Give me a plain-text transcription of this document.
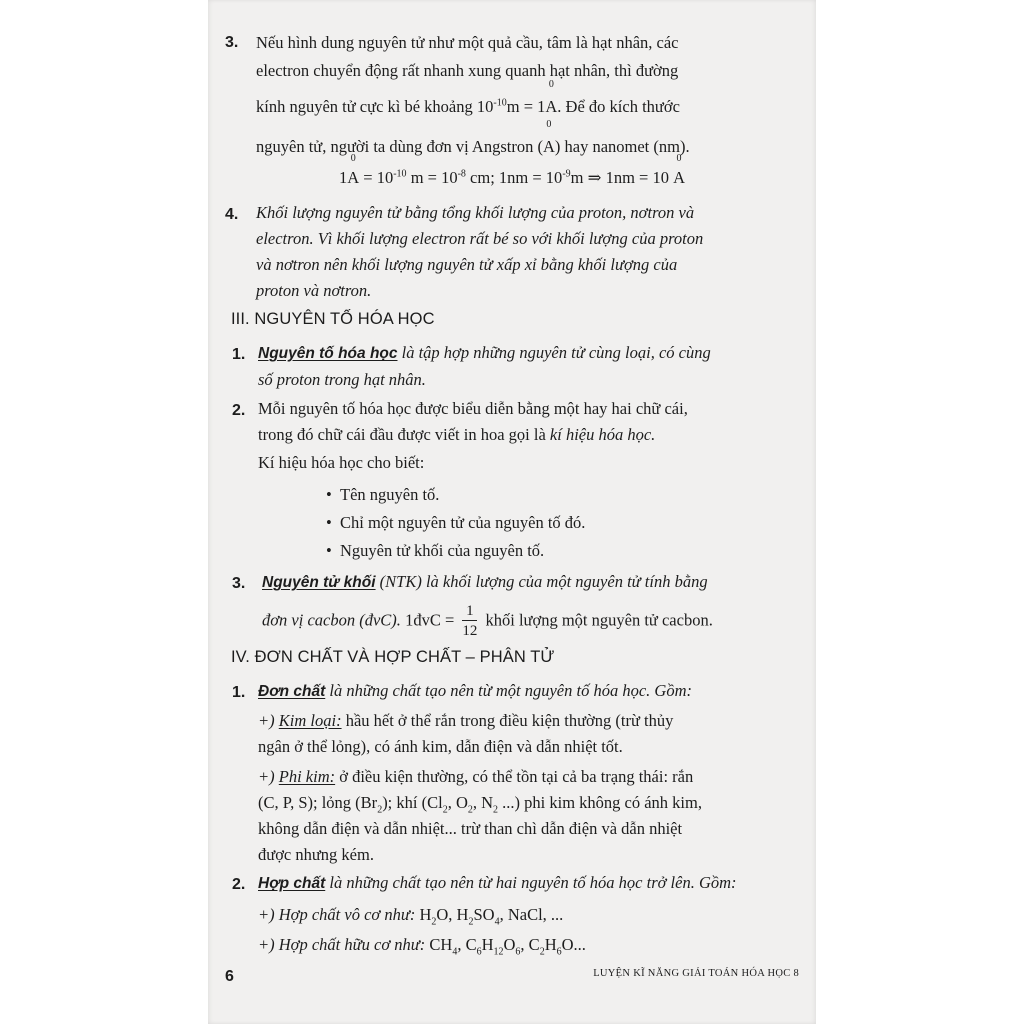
3. Nếu hình dung nguyên tử như một quả cầu, tâm là hạt nhân, các
electron chuyển động rất nhanh xung quanh hạt nhân, thì đường
kính nguyên tử cực kì bé khoảng $10^{-10}m = 1$
0
A. Để đo kích thước
nguyên tử, người ta dùng đơn vị Angstron (
0
A) hay nanomet (nm).
1
0
$A = 10^{-10}$ $m = 10^{-8}$ cm; $1nm = 10^{-9}m$ ⇒ 1nm = 10
0
A
4. Khối lượng nguyên tử bằng tổng khối lượng của proton, nơtron và
electron. Vì khối lượng electron rất bé so với khối lượng của proton
và nơtron nên khối lượng nguyên tử xấp xỉ bằng khối lượng của
proton và nơtron.
III. NGUYÊN TỐ HÓA HỌC
1. Nguyên tố hóa học là tập hợp những nguyên tử cùng loại, có cùng
số proton trong hạt nhân.
2. Mỗi nguyên tố hóa học được biểu diễn bằng một hay hai chữ cái,
trong đó chữ cái đầu được viết in hoa gọi là kí hiệu hóa học.
Kí hiệu hóa học cho biết:
• Tên nguyên tố.
• Chỉ một nguyên tử của nguyên tố đó.
• Nguyên tử khối của nguyên tố.
3. Nguyên tử khối (NTK) là khối lượng của một nguyên tử tính bằng
đơn vị cacbon (đvC). 1đvC = $\frac{1}{12}$ khối lượng một nguyên tử cacbon.
IV. ĐƠN CHẤT VÀ HỢP CHẤT – PHÂN TỬ
1. Đơn chất là những chất tạo nên từ một nguyên tố hóa học. Gồm:
+) Kim loại: hầu hết ở thể rắn trong điều kiện thường (trừ thủy
ngân ở thể lỏng), có ánh kim, dẫn điện và dẫn nhiệt tốt.
+) Phi kim: ở điều kiện thường, có thể tồn tại cả ba trạng thái: rắn
(C, P, S); lỏng $(Br_2)$; khí ($Cl_2$, $O_2$, $N_2$ ...) phi kim không có ánh kim,
không dẫn điện và dẫn nhiệt... trừ than chì dẫn điện và dẫn nhiệt
được nhưng kém.
2. Hợp chất là những chất tạo nên từ hai nguyên tố hóa học trở lên. Gồm:
+) Hợp chất vô cơ như: $H_2O$, $H_2SO_4$, NaCl, ...
+) Hợp chất hữu cơ như: $CH_4$, $C_6H_{12}O_6$, $C_2H_6O$...
6	LUYỆN KĨ NĂNG GIẢI TOÁN HÓA HỌC 8
